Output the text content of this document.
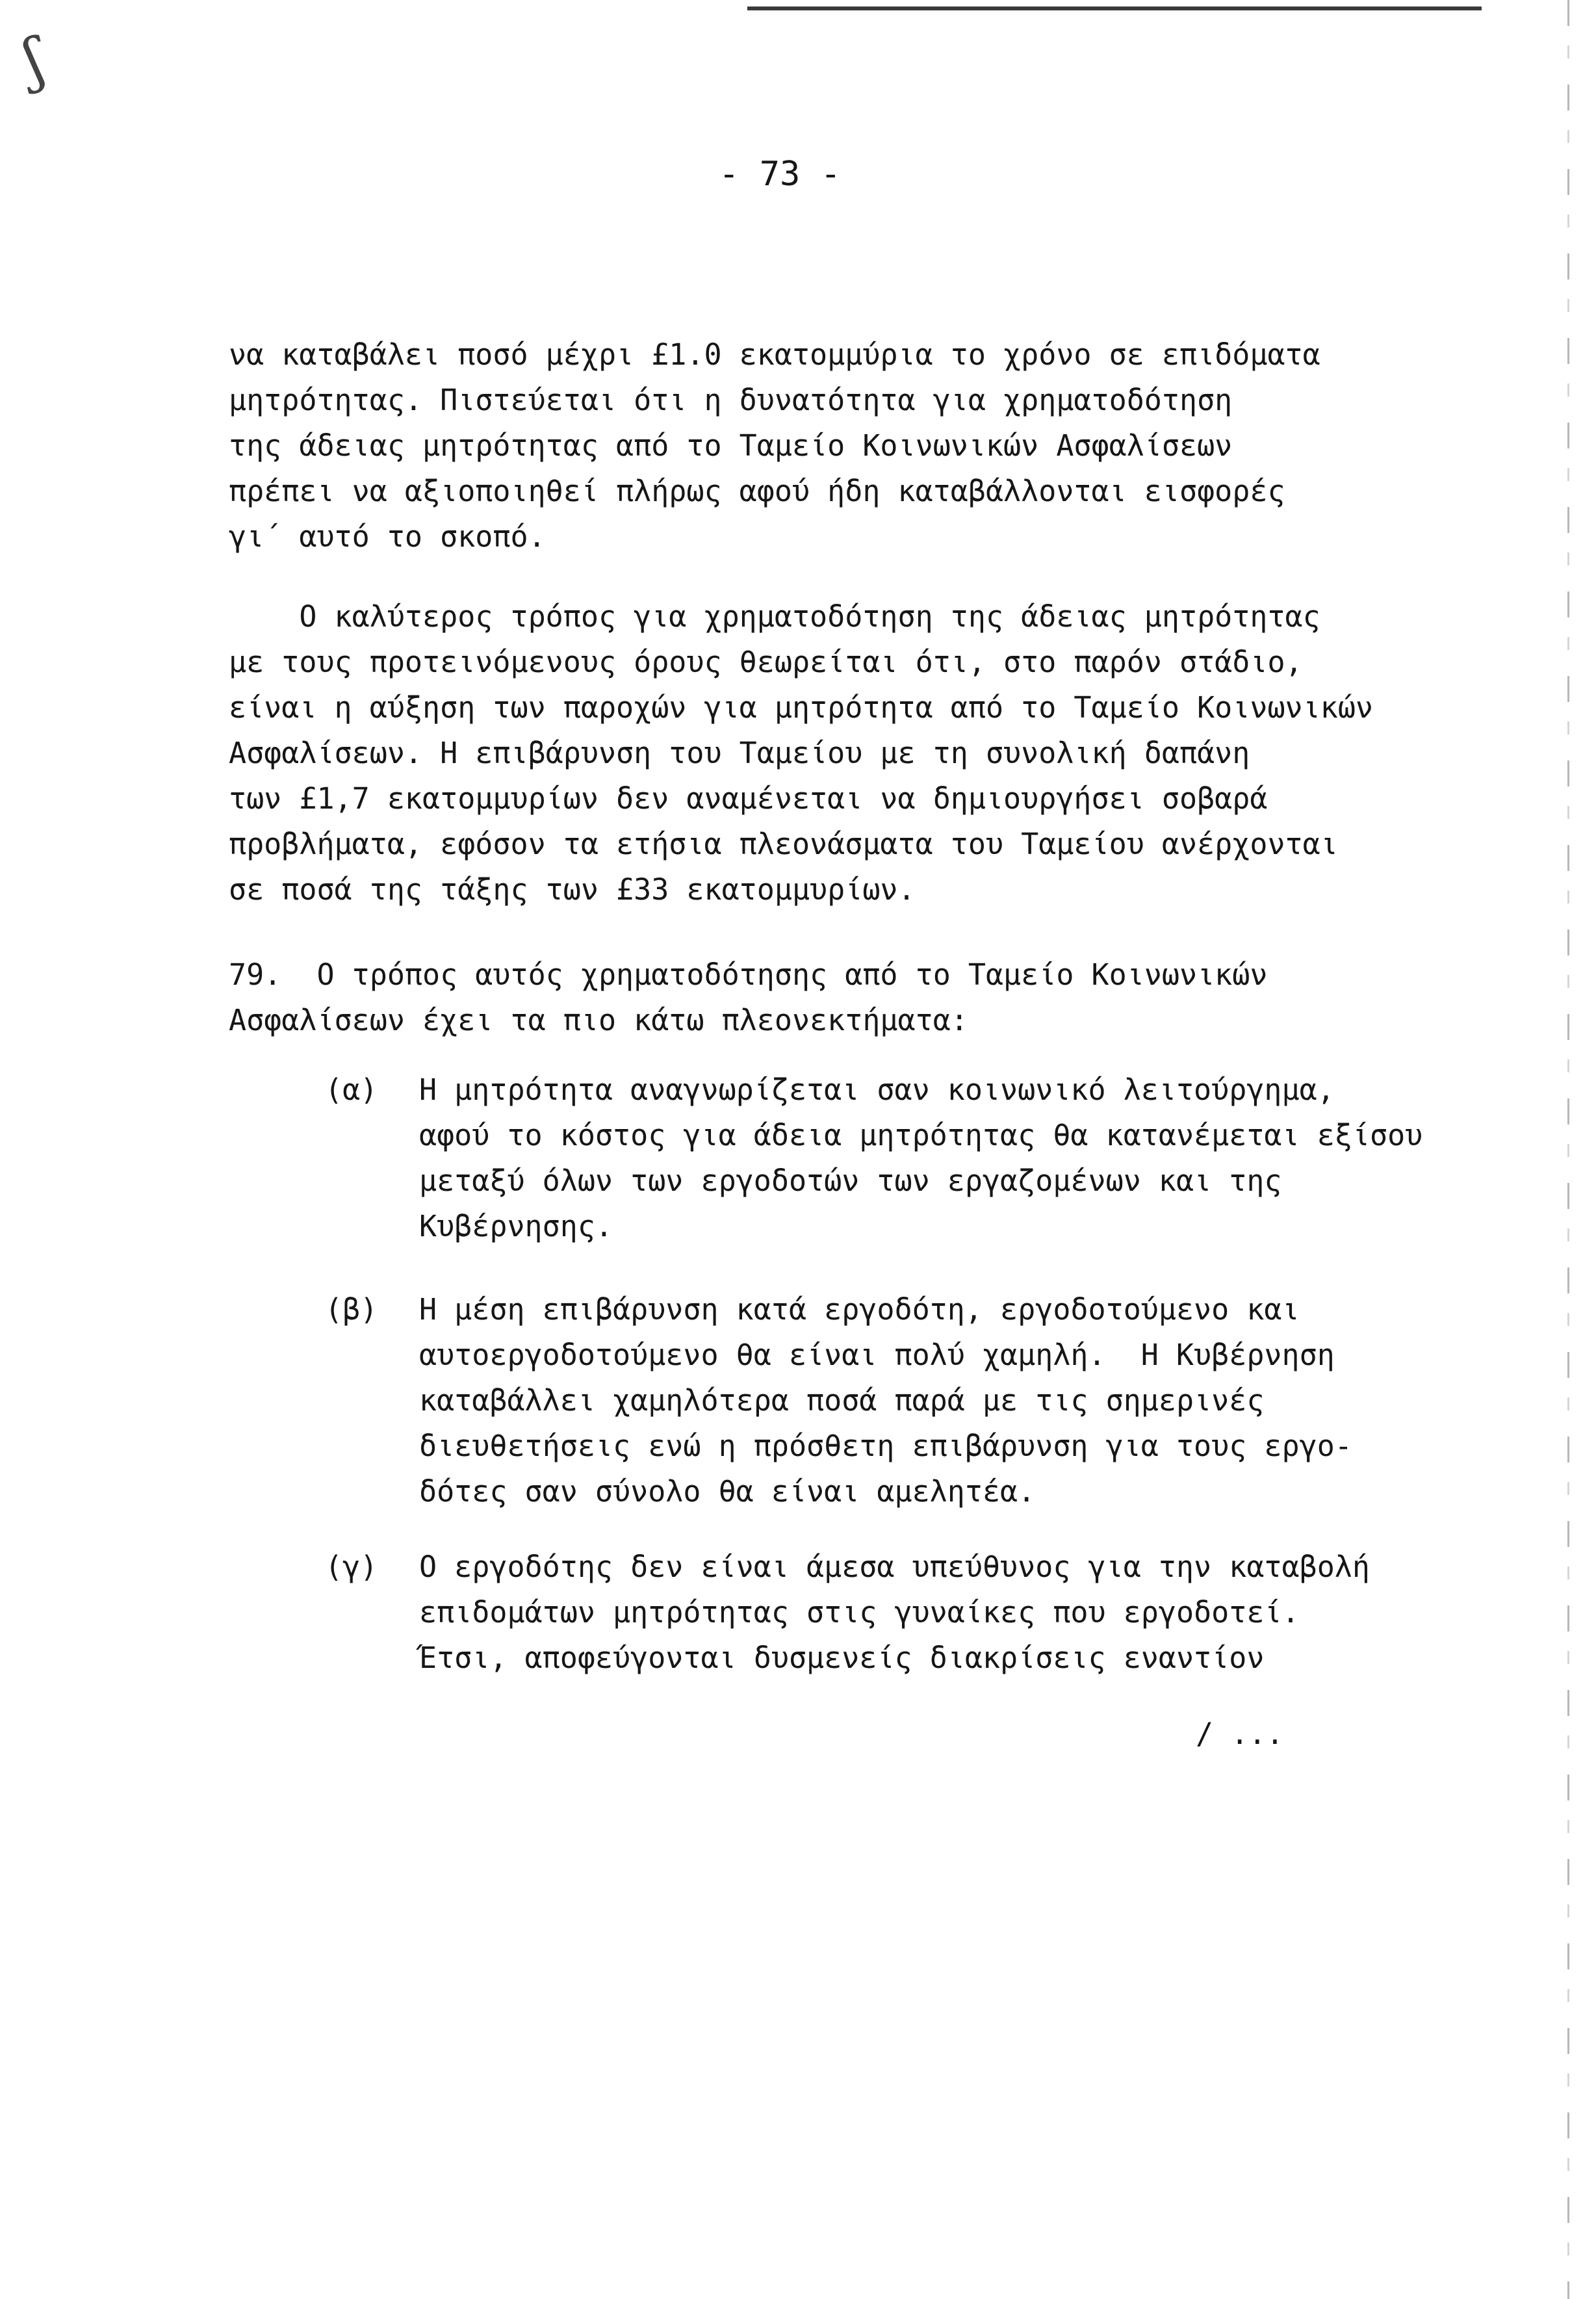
ʃ
- 73 -
να καταβάλει ποσό μέχρι £1.0 εκατομμύρια το χρόνο σε επιδόματα
μητρότητας. Πιστεύεται ότι η δυνατότητα για χρηματοδότηση
της άδειας μητρότητας από το Ταμείο Κοινωνικών Ασφαλίσεων
πρέπει να αξιοποιηθεί πλήρως αφού ήδη καταβάλλονται εισφορές
γι΄ αυτό το σκοπό.
Ο καλύτερος τρόπος για χρηματοδότηση της άδειας μητρότητας
με τους προτεινόμενους όρους θεωρείται ότι, στο παρόν στάδιο,
είναι η αύξηση των παροχών για μητρότητα από το Ταμείο Κοινωνικών
Ασφαλίσεων. Η επιβάρυνση του Ταμείου με τη συνολική δαπάνη
των £1,7 εκατομμυρίων δεν αναμένεται να δημιουργήσει σοβαρά
προβλήματα, εφόσον τα ετήσια πλεονάσματα του Ταμείου ανέρχονται
σε ποσά της τάξης των £33 εκατομμυρίων.
79.  Ο τρόπος αυτός χρηματοδότησης από το Ταμείο Κοινωνικών
Ασφαλίσεων έχει τα πιο κάτω πλεονεκτήματα:
(α) Η μητρότητα αναγνωρίζεται σαν κοινωνικό λειτούργημα,
αφού το κόστος για άδεια μητρότητας θα κατανέμεται εξίσου
μεταξύ όλων των εργοδοτών των εργαζομένων και της
Κυβέρνησης.
(β) Η μέση επιβάρυνση κατά εργοδότη, εργοδοτούμενο και
αυτοεργοδοτούμενο θα είναι πολύ χαμηλή.  Η Κυβέρνηση
καταβάλλει χαμηλότερα ποσά παρά με τις σημερινές
διευθετήσεις ενώ η πρόσθετη επιβάρυνση για τους εργο-
δότες σαν σύνολο θα είναι αμελητέα.
(γ) Ο εργοδότης δεν είναι άμεσα υπεύθυνος για την καταβολή
επιδομάτων μητρότητας στις γυναίκες που εργοδοτεί.
Έτσι, αποφεύγονται δυσμενείς διακρίσεις εναντίον
/ ...
